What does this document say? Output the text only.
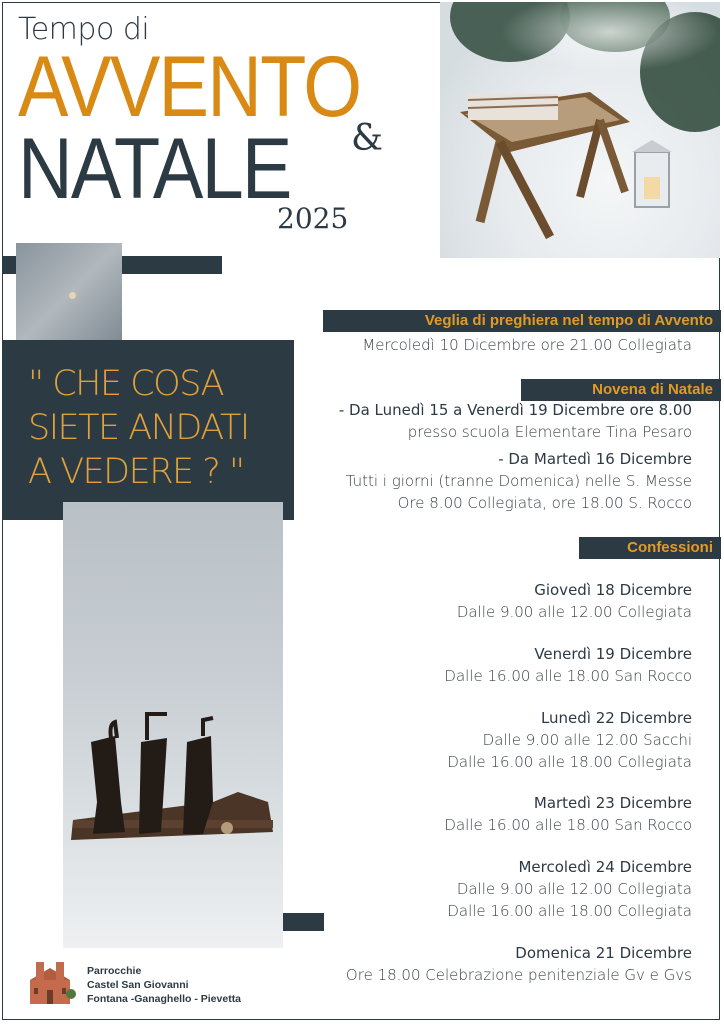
Tempo di
AVVENTO
NATALE &
2025
" CHE COSA
SIETE ANDATI
A VEDERE ? "
Parrocchie
Castel San Giovanni
Fontana -Ganaghello - Pievetta
Veglia di preghiera nel tempo di Avvento
Mercoledì 10 Dicembre ore 21.00 Collegiata
Novena di Natale
- Da Lunedì 15 a Venerdì 19 Dicembre ore 8.00
presso scuola Elementare Tina Pesaro
- Da Martedì 16 Dicembre
Tutti i giorni (tranne Domenica) nelle S. Messe
Ore 8.00 Collegiata, ore 18.00 S. Rocco
Confessioni
Giovedì 18 Dicembre
Dalle 9.00 alle 12.00 Collegiata
Venerdì 19 Dicembre
Dalle 16.00 alle 18.00 San Rocco
Lunedì 22 Dicembre
Dalle 9.00 alle 12.00 Sacchi
Dalle 16.00 alle 18.00 Collegiata
Martedì 23 Dicembre
Dalle 16.00 alle 18.00 San Rocco
Mercoledì 24 Dicembre
Dalle 9.00 alle 12.00 Collegiata
Dalle 16.00 alle 18.00 Collegiata
Domenica 21 Dicembre
Ore 18.00 Celebrazione penitenziale Gv e Gvs
